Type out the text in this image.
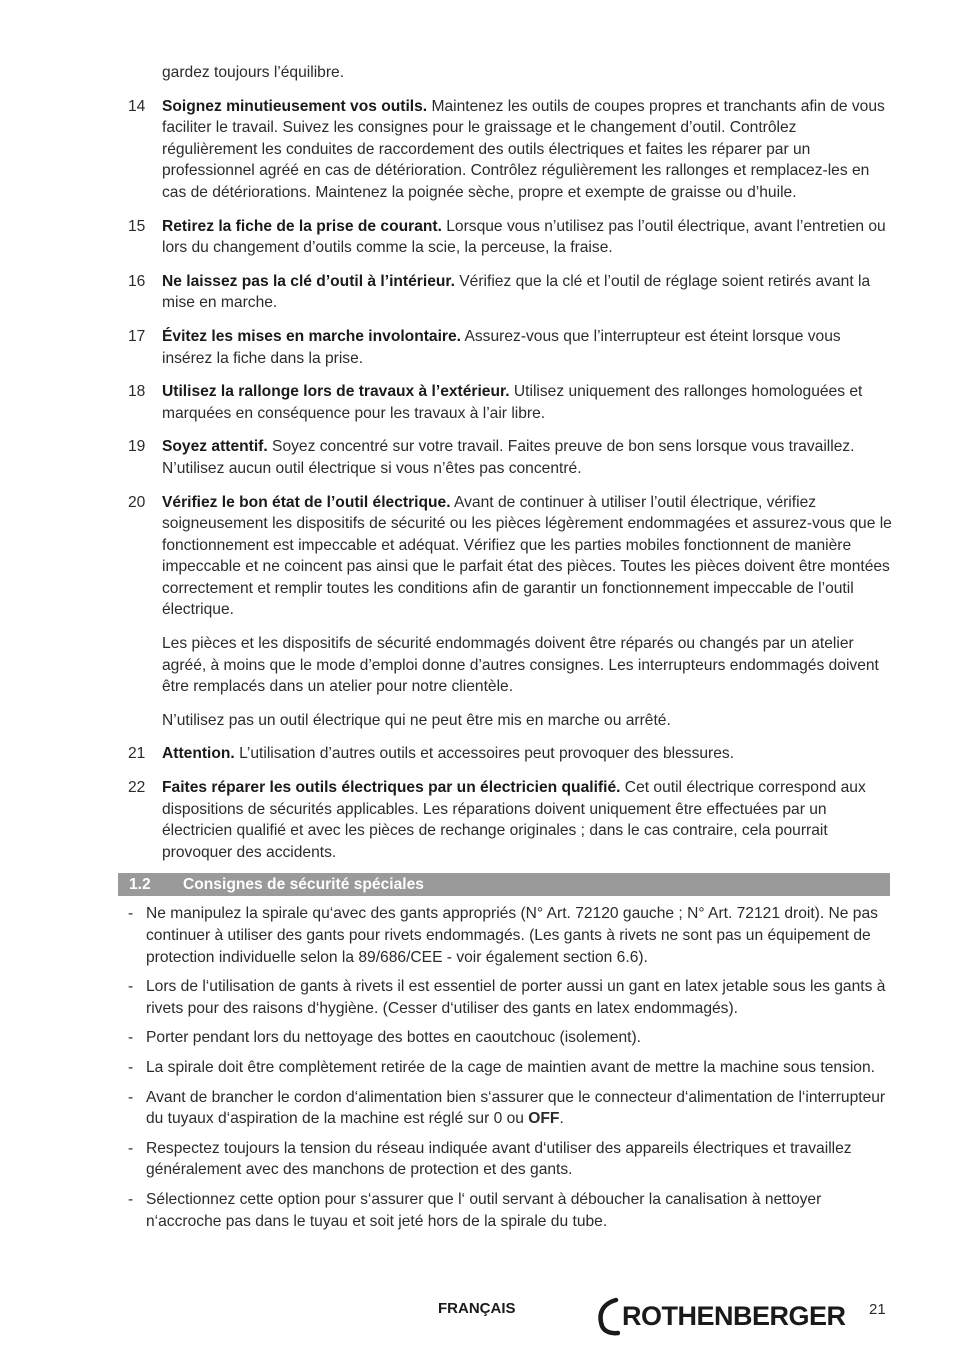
gardez toujours l’équilibre.
14	Soignez minutieusement vos outils. Maintenez les outils de coupes propres et tranchants afin de vous faciliter le travail. Suivez les consignes pour le graissage et le changement d’outil. Contrôlez régulièrement les conduites de raccordement des outils électriques et faites les réparer par un professionnel agréé en cas de détérioration. Contrôlez régulièrement les rallonges et remplacez-les en cas de détériorations. Maintenez la poignée sèche, propre et exempte de graisse ou d’huile.
15	Retirez la fiche de la prise de courant. Lorsque vous n’utilisez pas l’outil électrique, avant l’entretien ou lors du changement d’outils comme la scie, la perceuse, la fraise.
16	Ne laissez pas la clé d’outil à l’intérieur. Vérifiez que la clé et l’outil de réglage soient retirés avant la mise en marche.
17	Évitez les mises en marche involontaire. Assurez-vous que l’interrupteur est éteint lorsque vous insérez la fiche dans la prise.
18	Utilisez la rallonge lors de travaux à l’extérieur. Utilisez uniquement des rallonges homologuées et marquées en conséquence pour les travaux à l’air libre.
19	Soyez attentif. Soyez concentré sur votre travail. Faites preuve de bon sens lorsque vous travaillez. N’utilisez aucun outil électrique si vous n’êtes pas concentré.
20	Vérifiez le bon état de l’outil électrique. Avant de continuer à utiliser l’outil électrique, vérifiez soigneusement les dispositifs de sécurité ou les pièces légèrement endommagées et assurez-vous que le fonctionnement est impeccable et adéquat. Vérifiez que les parties mobiles fonctionnent de manière impeccable et ne coincent pas ainsi que le parfait état des pièces. Toutes les pièces doivent être montées correctement et remplir toutes les conditions afin de garantir un fonctionnement impeccable de l’outil électrique.
Les pièces et les dispositifs de sécurité endommagés doivent être réparés ou changés par un atelier agréé, à moins que le mode d’emploi donne d’autres consignes. Les interrupteurs endommagés doivent être remplacés dans un atelier pour notre clientèle.
N’utilisez pas un outil électrique qui ne peut être mis en marche ou arrêté.
21	Attention. L’utilisation d’autres outils et accessoires peut provoquer des blessures.
22	Faites réparer les outils électriques par un électricien qualifié. Cet outil électrique correspond aux dispositions de sécurités applicables. Les réparations doivent uniquement être effectuées par un électricien qualifié et avec les pièces de rechange originales ; dans le cas contraire, cela pourrait provoquer des accidents.
1.2	Consignes de sécurité spéciales
- Ne manipulez la spirale qu‘avec des gants appropriés (N° Art. 72120 gauche ; N° Art. 72121 droit). Ne pas continuer à utiliser des gants pour rivets endommagés. (Les gants à rivets ne sont pas un équipement de protection individuelle selon la 89/686/CEE - voir également section 6.6).
- Lors de l‘utilisation de gants à rivets il est essentiel de porter aussi un gant en latex jetable sous les gants à rivets pour des raisons d‘hygiène. (Cesser d‘utiliser des gants en latex endommagés).
- Porter pendant lors du nettoyage des bottes en caoutchouc (isolement).
- La spirale doit être complètement retirée de la cage de maintien avant de mettre la machine sous tension.
- Avant de brancher le cordon d‘alimentation bien s‘assurer que le connecteur d‘alimentation de l‘interrupteur du tuyaux d‘aspiration de la machine est réglé sur 0 ou OFF.
- Respectez toujours la tension du réseau indiquée avant d‘utiliser des appareils électriques et travaillez généralement avec des manchons de protection et des gants.
- Sélectionnez cette option pour s‘assurer que l‘ outil servant à déboucher la canalisation à nettoyer n‘accroche pas dans le tuyau et soit jeté hors de la spirale du tube.
FRANÇAIS	ROTHENBERGER 21
